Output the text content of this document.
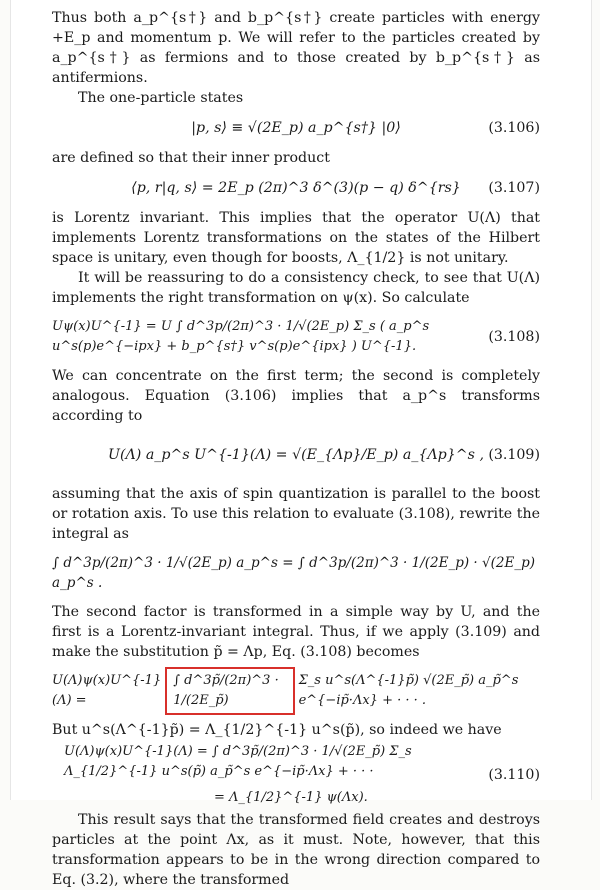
Thus both a_p^{s†} and b_p^{s†} create particles with energy +E_p and momentum p. We will refer to the particles created by a_p^{s†} as fermions and to those created by b_p^{s†} as antifermions.

The one-particle states

|p, s⟩ ≡ √(2E_p) a_p^{s†} |0⟩	(3.106)

are defined so that their inner product

⟨p, r|q, s⟩ = 2E_p (2π)^3 δ^(3)(p − q) δ^{rs} (3.107)

is Lorentz invariant. This implies that the operator U(Λ) that implements Lorentz transformations on the states of the Hilbert space is unitary, even though for boosts, Λ_{1/2} is not unitary.

It will be reassuring to do a consistency check, to see that U(Λ) implements the right transformation on ψ(x). So calculate

Uψ(x)U^{-1} = U ∫ d^3p/(2π)^3 · 1/√(2E_p) Σ_s ( a_p^s u^s(p)e^{−ipx} + b_p^{s†} v^s(p)e^{ipx} ) U^{-1}.
(3.108)

We can concentrate on the first term; the second is completely analogous. Equation (3.106) implies that a_p^s transforms according to

U(Λ) a_p^s U^{-1}(Λ) = √(E_{Λp}/E_p) a_{Λp}^s , (3.109)

assuming that the axis of spin quantization is parallel to the boost or rotation axis. To use this relation to evaluate (3.108), rewrite the integral as

∫ d^3p/(2π)^3 · 1/√(2E_p) a_p^s = ∫ d^3p/(2π)^3 · 1/(2E_p) · √(2E_p) a_p^s .

The second factor is transformed in a simple way by U, and the first is a Lorentz-invariant integral. Thus, if we apply (3.109) and make the substitution p̃ = Λp, Eq. (3.108) becomes

U(Λ)ψ(x)U^{-1}(Λ) =
∫ d^3p̃/(2π)^3 · 1/(2E_p̃)
Σ_s u^s(Λ^{-1}p̃) √(2E_p̃) a_p̃^s e^{−ip̃·Λx} + · · · .

But u^s(Λ^{-1}p̃) = Λ_{1/2}^{-1} u^s(p̃), so indeed we have

U(Λ)ψ(x)U^{-1}(Λ) = ∫ d^3p̃/(2π)^3 · 1/√(2E_p̃) Σ_s Λ_{1/2}^{-1} u^s(p̃) a_p̃^s e^{−ip̃·Λx} + · · ·
= Λ_{1/2}^{-1} ψ(Λx).
(3.110)

This result says that the transformed field creates and destroys particles at the point Λx, as it must. Note, however, that this transformation appears to be in the wrong direction compared to Eq. (3.2), where the transformed
